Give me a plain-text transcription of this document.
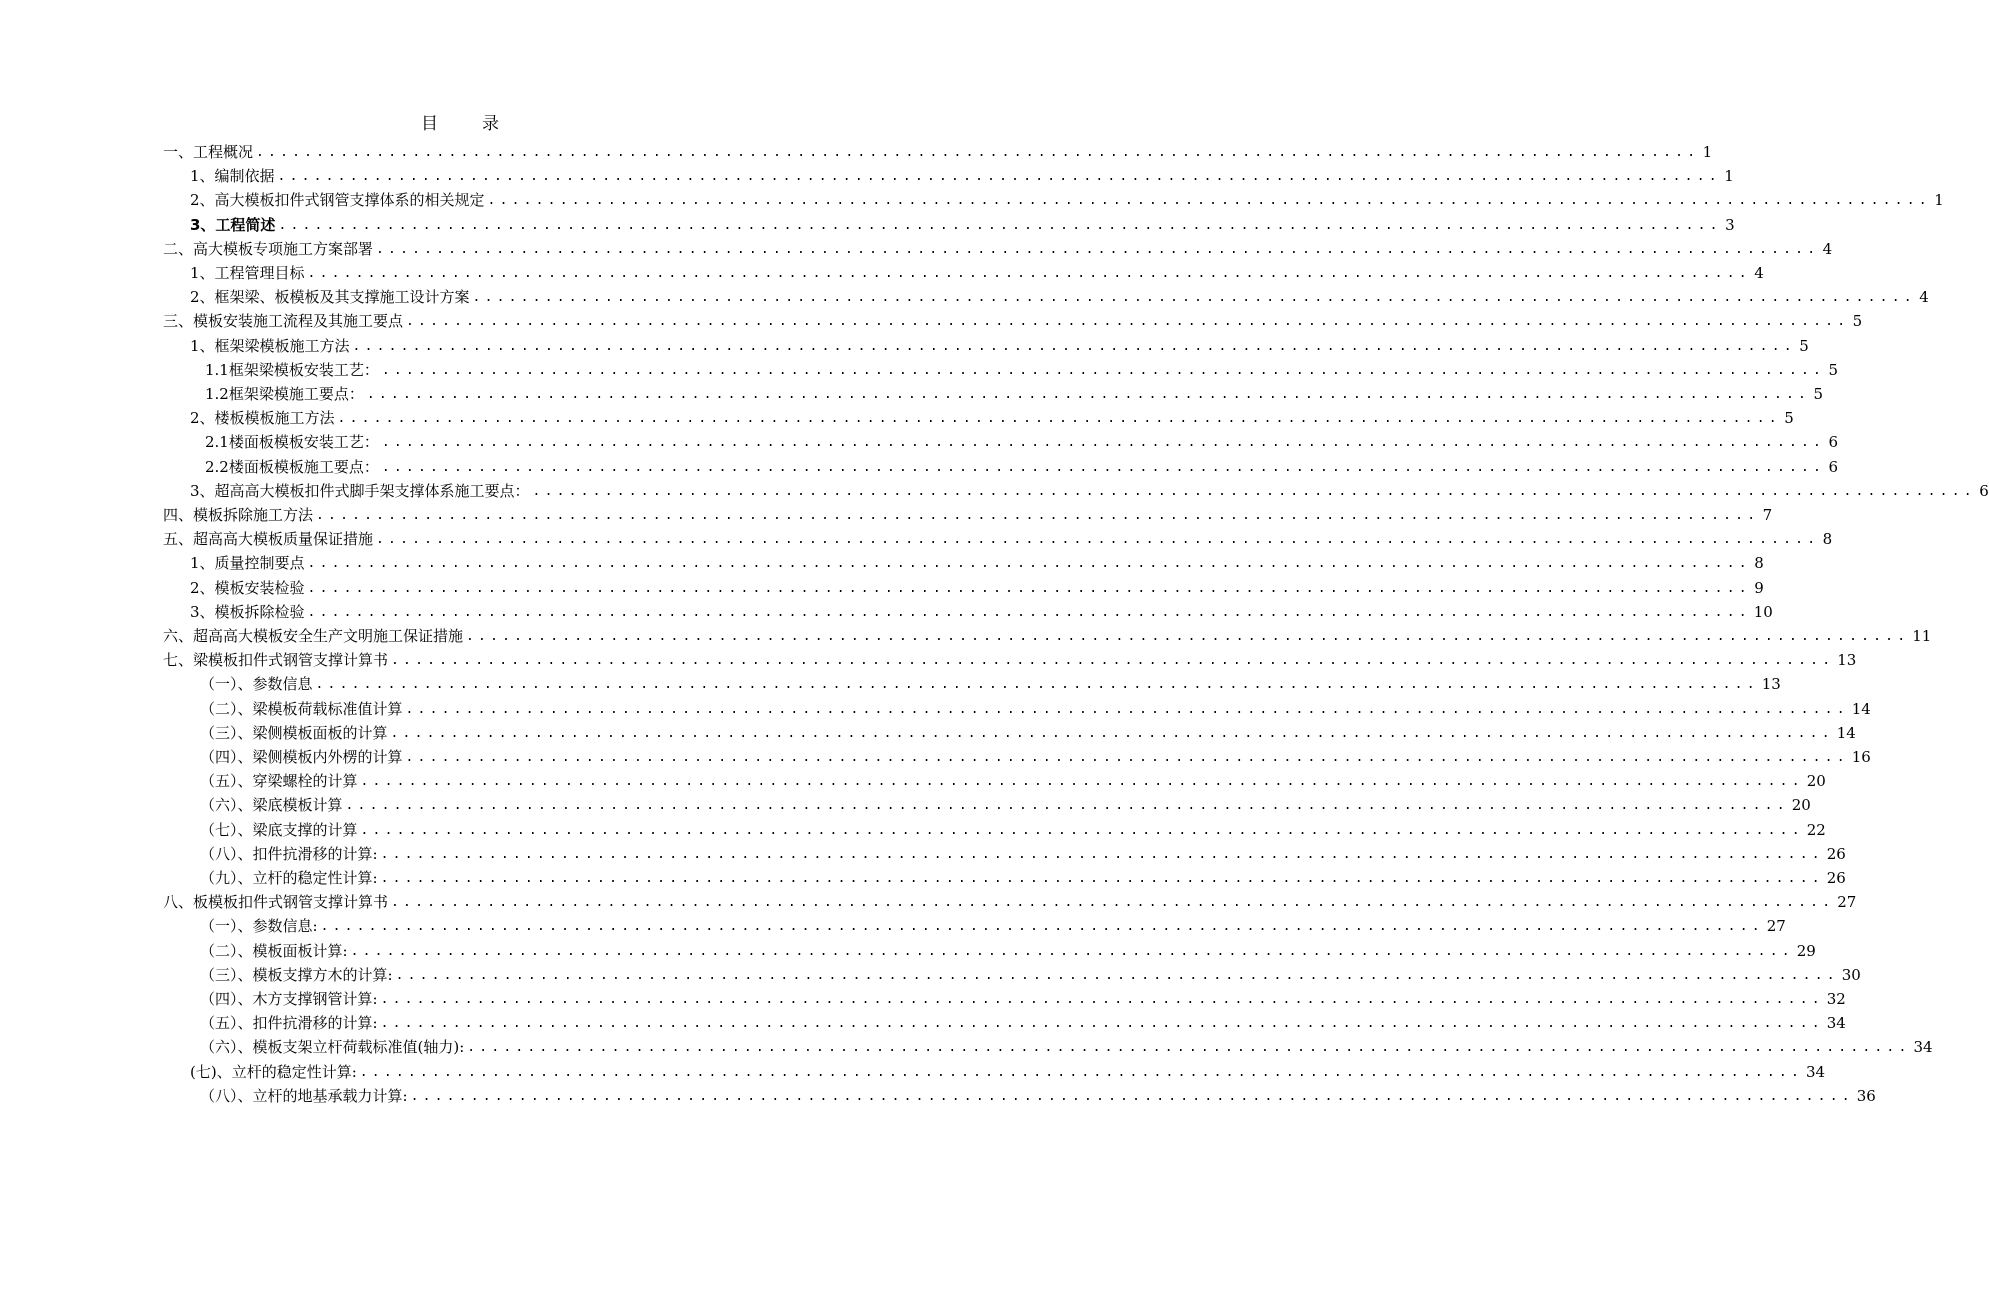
目	录
一、工程概况 ........................................................................................................................ 1
1、编制依据 ........................................................................................................................ 1
2、高大模板扣件式钢管支撑体系的相关规定 ........................................................................................................................ 1
3、工程简述 ........................................................................................................................ 3
二、高大模板专项施工方案部署 ........................................................................................................................ 4
1、工程管理目标 ........................................................................................................................ 4
2、框架梁、板模板及其支撑施工设计方案 ........................................................................................................................ 4
三、模板安装施工流程及其施工要点 ........................................................................................................................ 5
1、框架梁模板施工方法 ........................................................................................................................ 5
1.1框架梁模板安装工艺： ........................................................................................................................ 5
1.2框架梁模施工要点： ........................................................................................................................ 5
2、楼板模板施工方法 ........................................................................................................................ 5
2.1楼面板模板安装工艺： ........................................................................................................................ 6
2.2楼面板模板施工要点： ........................................................................................................................ 6
3、超高高大模板扣件式脚手架支撑体系施工要点： ........................................................................................................................ 6
四、模板拆除施工方法 ........................................................................................................................ 7
五、超高高大模板质量保证措施 ........................................................................................................................ 8
1、质量控制要点 ........................................................................................................................ 8
2、模板安装检验 ........................................................................................................................ 9
3、模板拆除检验 ........................................................................................................................ 10
六、超高高大模板安全生产文明施工保证措施 ........................................................................................................................ 11
七、梁模板扣件式钢管支撑计算书 ........................................................................................................................ 13
（一）、参数信息 ........................................................................................................................ 13
（二）、梁模板荷载标准值计算 ........................................................................................................................ 14
（三）、梁侧模板面板的计算 ........................................................................................................................ 14
（四）、梁侧模板内外楞的计算 ........................................................................................................................ 16
（五）、穿梁螺栓的计算 ........................................................................................................................ 20
（六）、梁底模板计算 ........................................................................................................................ 20
（七）、梁底支撑的计算 ........................................................................................................................ 22
（八）、扣件抗滑移的计算: ........................................................................................................................ 26
（九）、立杆的稳定性计算: ........................................................................................................................ 26
八、板模板扣件式钢管支撑计算书 ........................................................................................................................ 27
（一）、参数信息: ........................................................................................................................ 27
（二）、模板面板计算: ........................................................................................................................ 29
（三）、模板支撑方木的计算: ........................................................................................................................ 30
（四）、木方支撑钢管计算: ........................................................................................................................ 32
（五）、扣件抗滑移的计算: ........................................................................................................................ 34
（六）、模板支架立杆荷载标准值(轴力): ........................................................................................................................ 34
(七)、立杆的稳定性计算: ........................................................................................................................ 34
（八）、立杆的地基承载力计算: ........................................................................................................................ 36
